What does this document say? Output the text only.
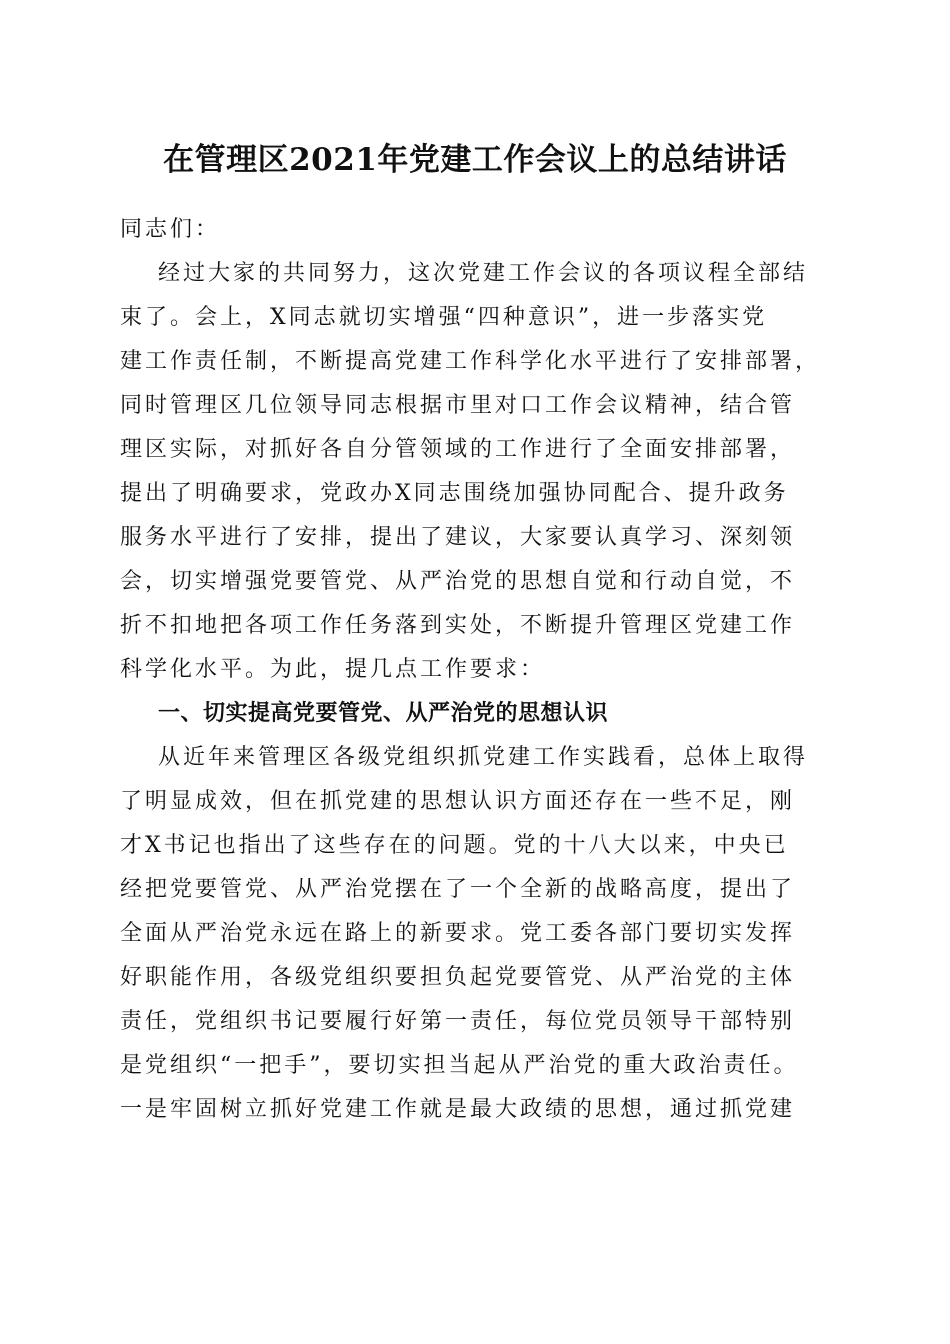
在管理区2021年党建工作会议上的总结讲话
同志们：
经过大家的共同努力，这次党建工作会议的各项议程全部结
束了。会上，X同志就切实增强“四种意识”，进一步落实党
建工作责任制，不断提高党建工作科学化水平进行了安排部署，
同时管理区几位领导同志根据市里对口工作会议精神，结合管
理区实际，对抓好各自分管领域的工作进行了全面安排部署，
提出了明确要求，党政办X同志围绕加强协同配合、提升政务
服务水平进行了安排，提出了建议，大家要认真学习、深刻领
会，切实增强党要管党、从严治党的思想自觉和行动自觉，不
折不扣地把各项工作任务落到实处，不断提升管理区党建工作
科学化水平。为此，提几点工作要求：
一、切实提高党要管党、从严治党的思想认识
从近年来管理区各级党组织抓党建工作实践看，总体上取得
了明显成效，但在抓党建的思想认识方面还存在一些不足，刚
才X书记也指出了这些存在的问题。党的十八大以来，中央已
经把党要管党、从严治党摆在了一个全新的战略高度，提出了
全面从严治党永远在路上的新要求。党工委各部门要切实发挥
好职能作用，各级党组织要担负起党要管党、从严治党的主体
责任，党组织书记要履行好第一责任，每位党员领导干部特别
是党组织“一把手”，要切实担当起从严治党的重大政治责任。
一是牢固树立抓好党建工作就是最大政绩的思想，通过抓党建
